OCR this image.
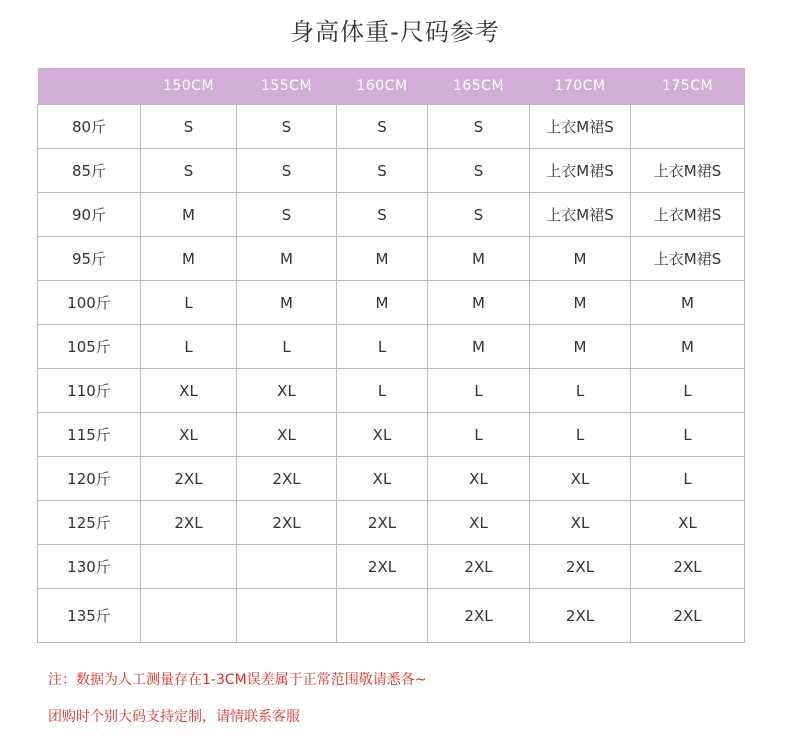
身高体重-尺码参考
	150CM	155CM	160CM	165CM	170CM	175CM
80斤	S	S	S	S	上衣M裙S	
85斤	S	S	S	S	上衣M裙S	上衣M裙S
90斤	M	S	S	S	上衣M裙S	上衣M裙S
95斤	M	M	M	M	M	上衣M裙S
100斤	L	M	M	M	M	M
105斤	L	L	L	M	M	M
110斤	XL	XL	L	L	L	L
115斤	XL	XL	XL	L	L	L
120斤	2XL	2XL	XL	XL	XL	L
125斤	2XL	2XL	2XL	XL	XL	XL
130斤			2XL	2XL	2XL	2XL
135斤				2XL	2XL	2XL
注：数据为人工测量存在1-3CM误差属于正常范围敬请悉各~
团购时个别大码支持定制，请情联系客服
